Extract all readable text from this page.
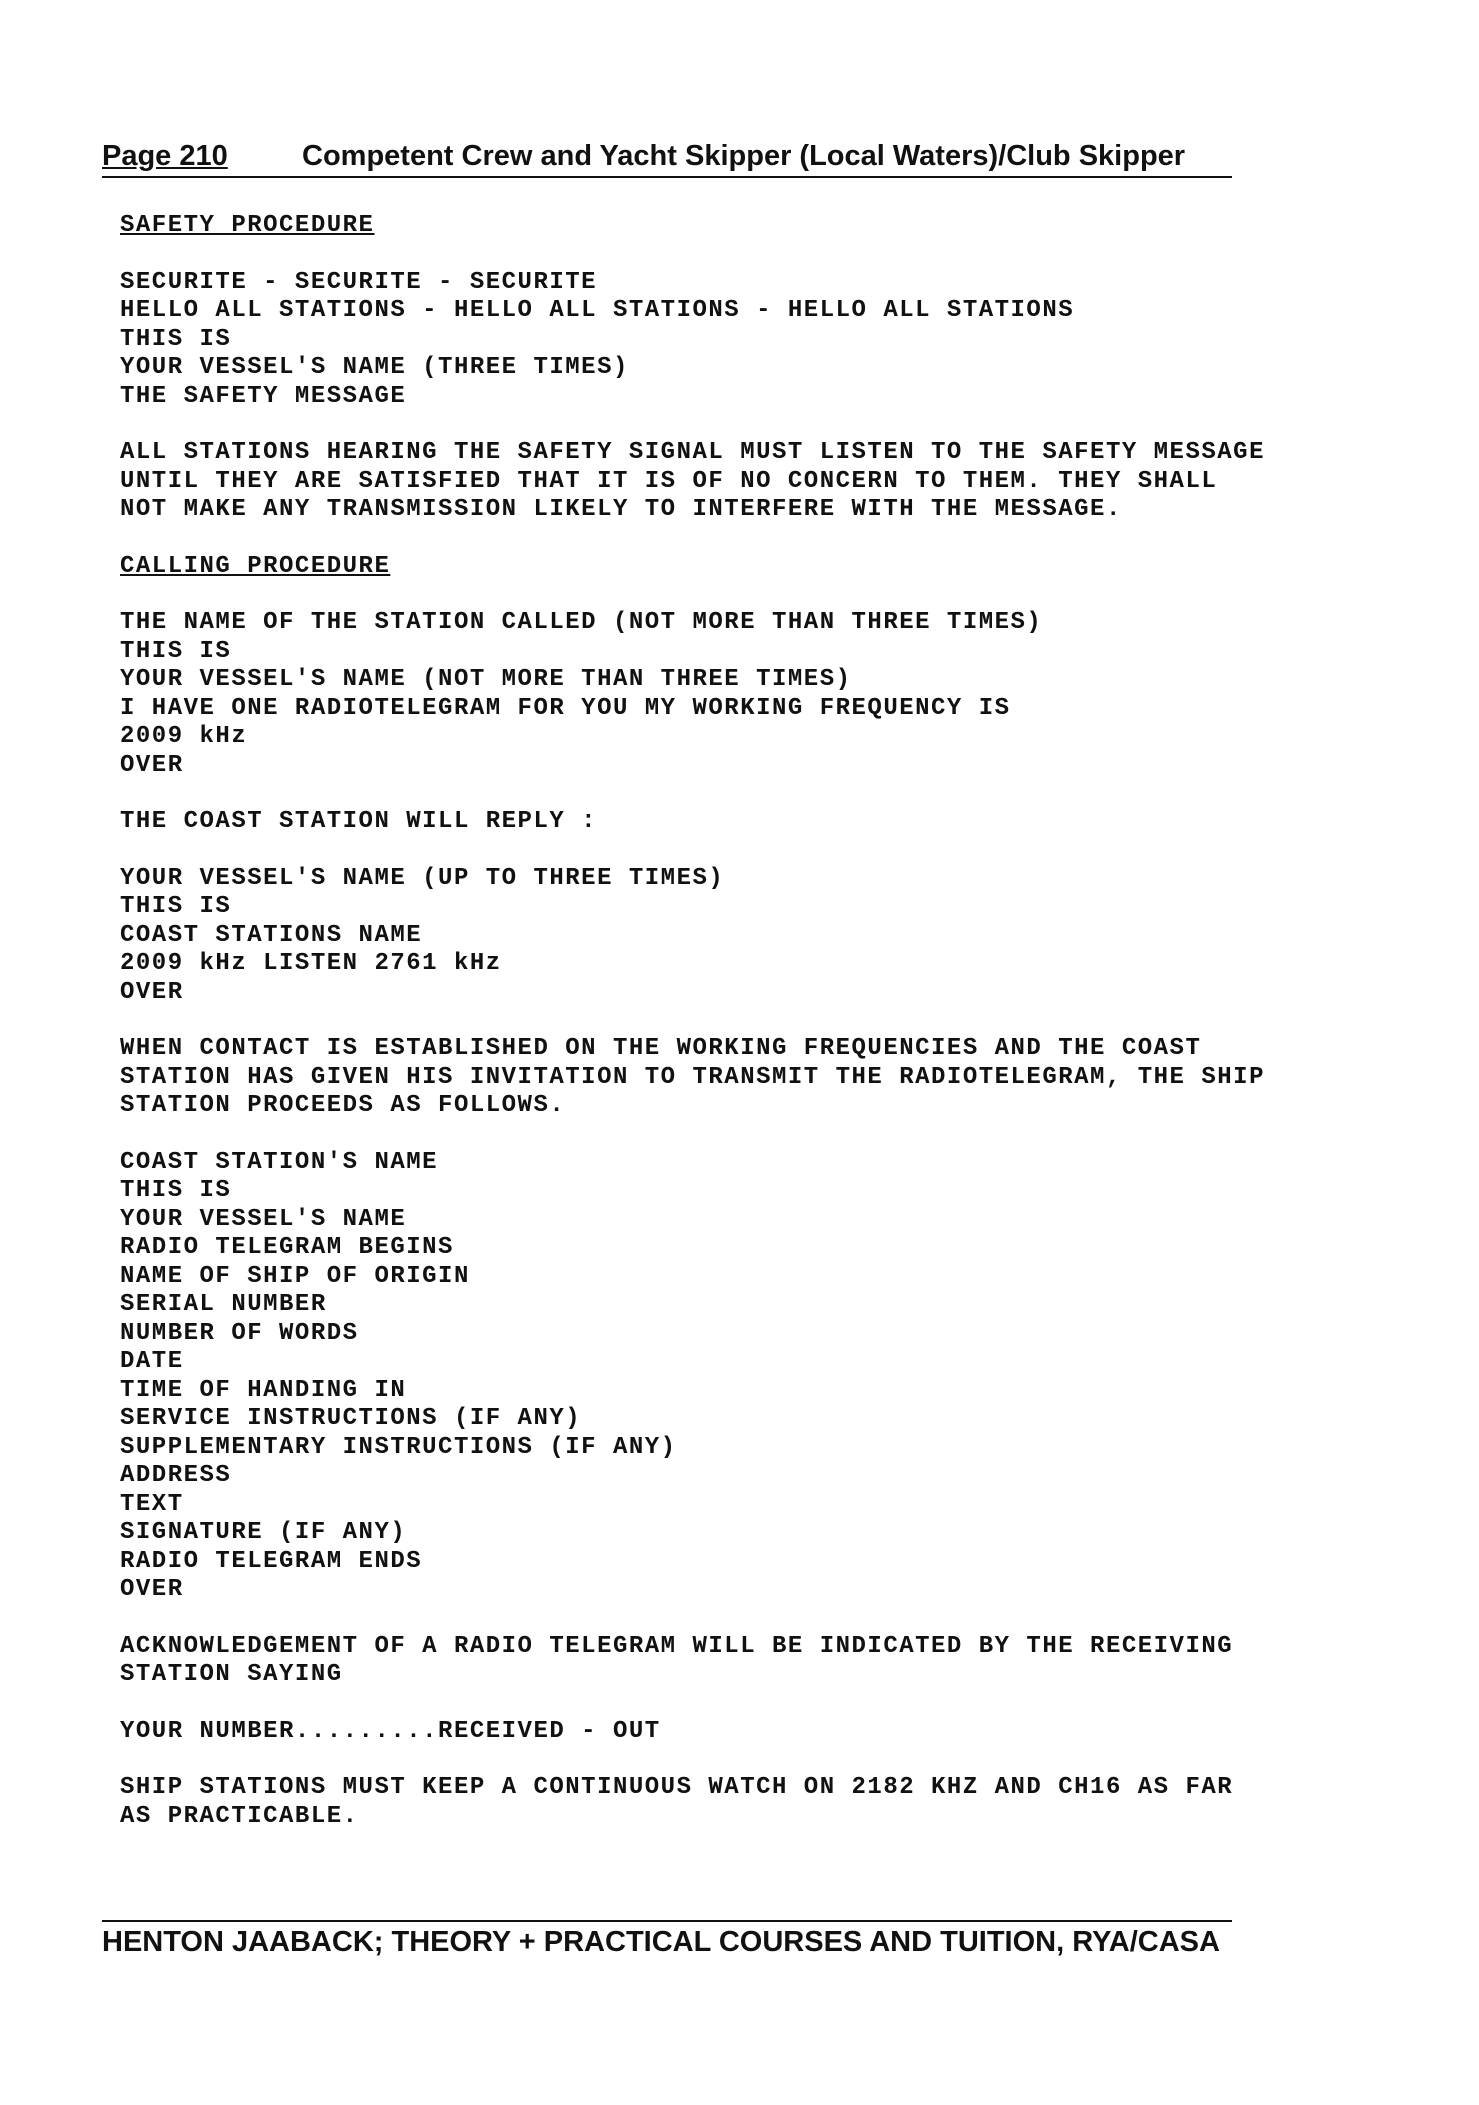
Page 210	Competent Crew and Yacht Skipper (Local Waters)/Club Skipper
SAFETY PROCEDURE
SECURITE - SECURITE - SECURITE
HELLO ALL STATIONS - HELLO ALL STATIONS - HELLO ALL STATIONS
THIS IS
YOUR VESSEL'S NAME (THREE TIMES)
THE SAFETY MESSAGE
ALL STATIONS HEARING THE SAFETY SIGNAL MUST LISTEN TO THE SAFETY MESSAGE UNTIL THEY ARE SATISFIED THAT IT IS OF NO CONCERN TO THEM. THEY SHALL NOT MAKE ANY TRANSMISSION LIKELY TO INTERFERE WITH THE MESSAGE.
CALLING PROCEDURE
THE NAME OF THE STATION CALLED (NOT MORE THAN THREE TIMES)
THIS IS
YOUR VESSEL'S NAME (NOT MORE THAN THREE TIMES)
I HAVE ONE RADIOTELEGRAM FOR YOU MY WORKING FREQUENCY IS
2009 kHz
OVER
THE COAST STATION WILL REPLY :
YOUR VESSEL'S NAME (UP TO THREE TIMES)
THIS IS
COAST STATIONS NAME
2009 kHz LISTEN 2761 kHz
OVER
WHEN CONTACT IS ESTABLISHED ON THE WORKING FREQUENCIES AND THE COAST STATION HAS GIVEN HIS INVITATION TO TRANSMIT THE RADIOTELEGRAM, THE SHIP STATION PROCEEDS AS FOLLOWS.
COAST STATION'S NAME
THIS IS
YOUR VESSEL'S NAME
RADIO TELEGRAM BEGINS
NAME OF SHIP OF ORIGIN
SERIAL NUMBER
NUMBER OF WORDS
DATE
TIME OF HANDING IN
SERVICE INSTRUCTIONS (IF ANY)
SUPPLEMENTARY INSTRUCTIONS (IF ANY)
ADDRESS
TEXT
SIGNATURE (IF ANY)
RADIO TELEGRAM ENDS
OVER
ACKNOWLEDGEMENT OF A RADIO TELEGRAM WILL BE INDICATED BY THE RECEIVING STATION SAYING
YOUR NUMBER.........RECEIVED - OUT
SHIP STATIONS MUST KEEP A CONTINUOUS WATCH ON 2182 KHZ AND CH16 AS FAR AS PRACTICABLE.
HENTON JAABACK; THEORY + PRACTICAL COURSES AND TUITION, RYA/CASA
